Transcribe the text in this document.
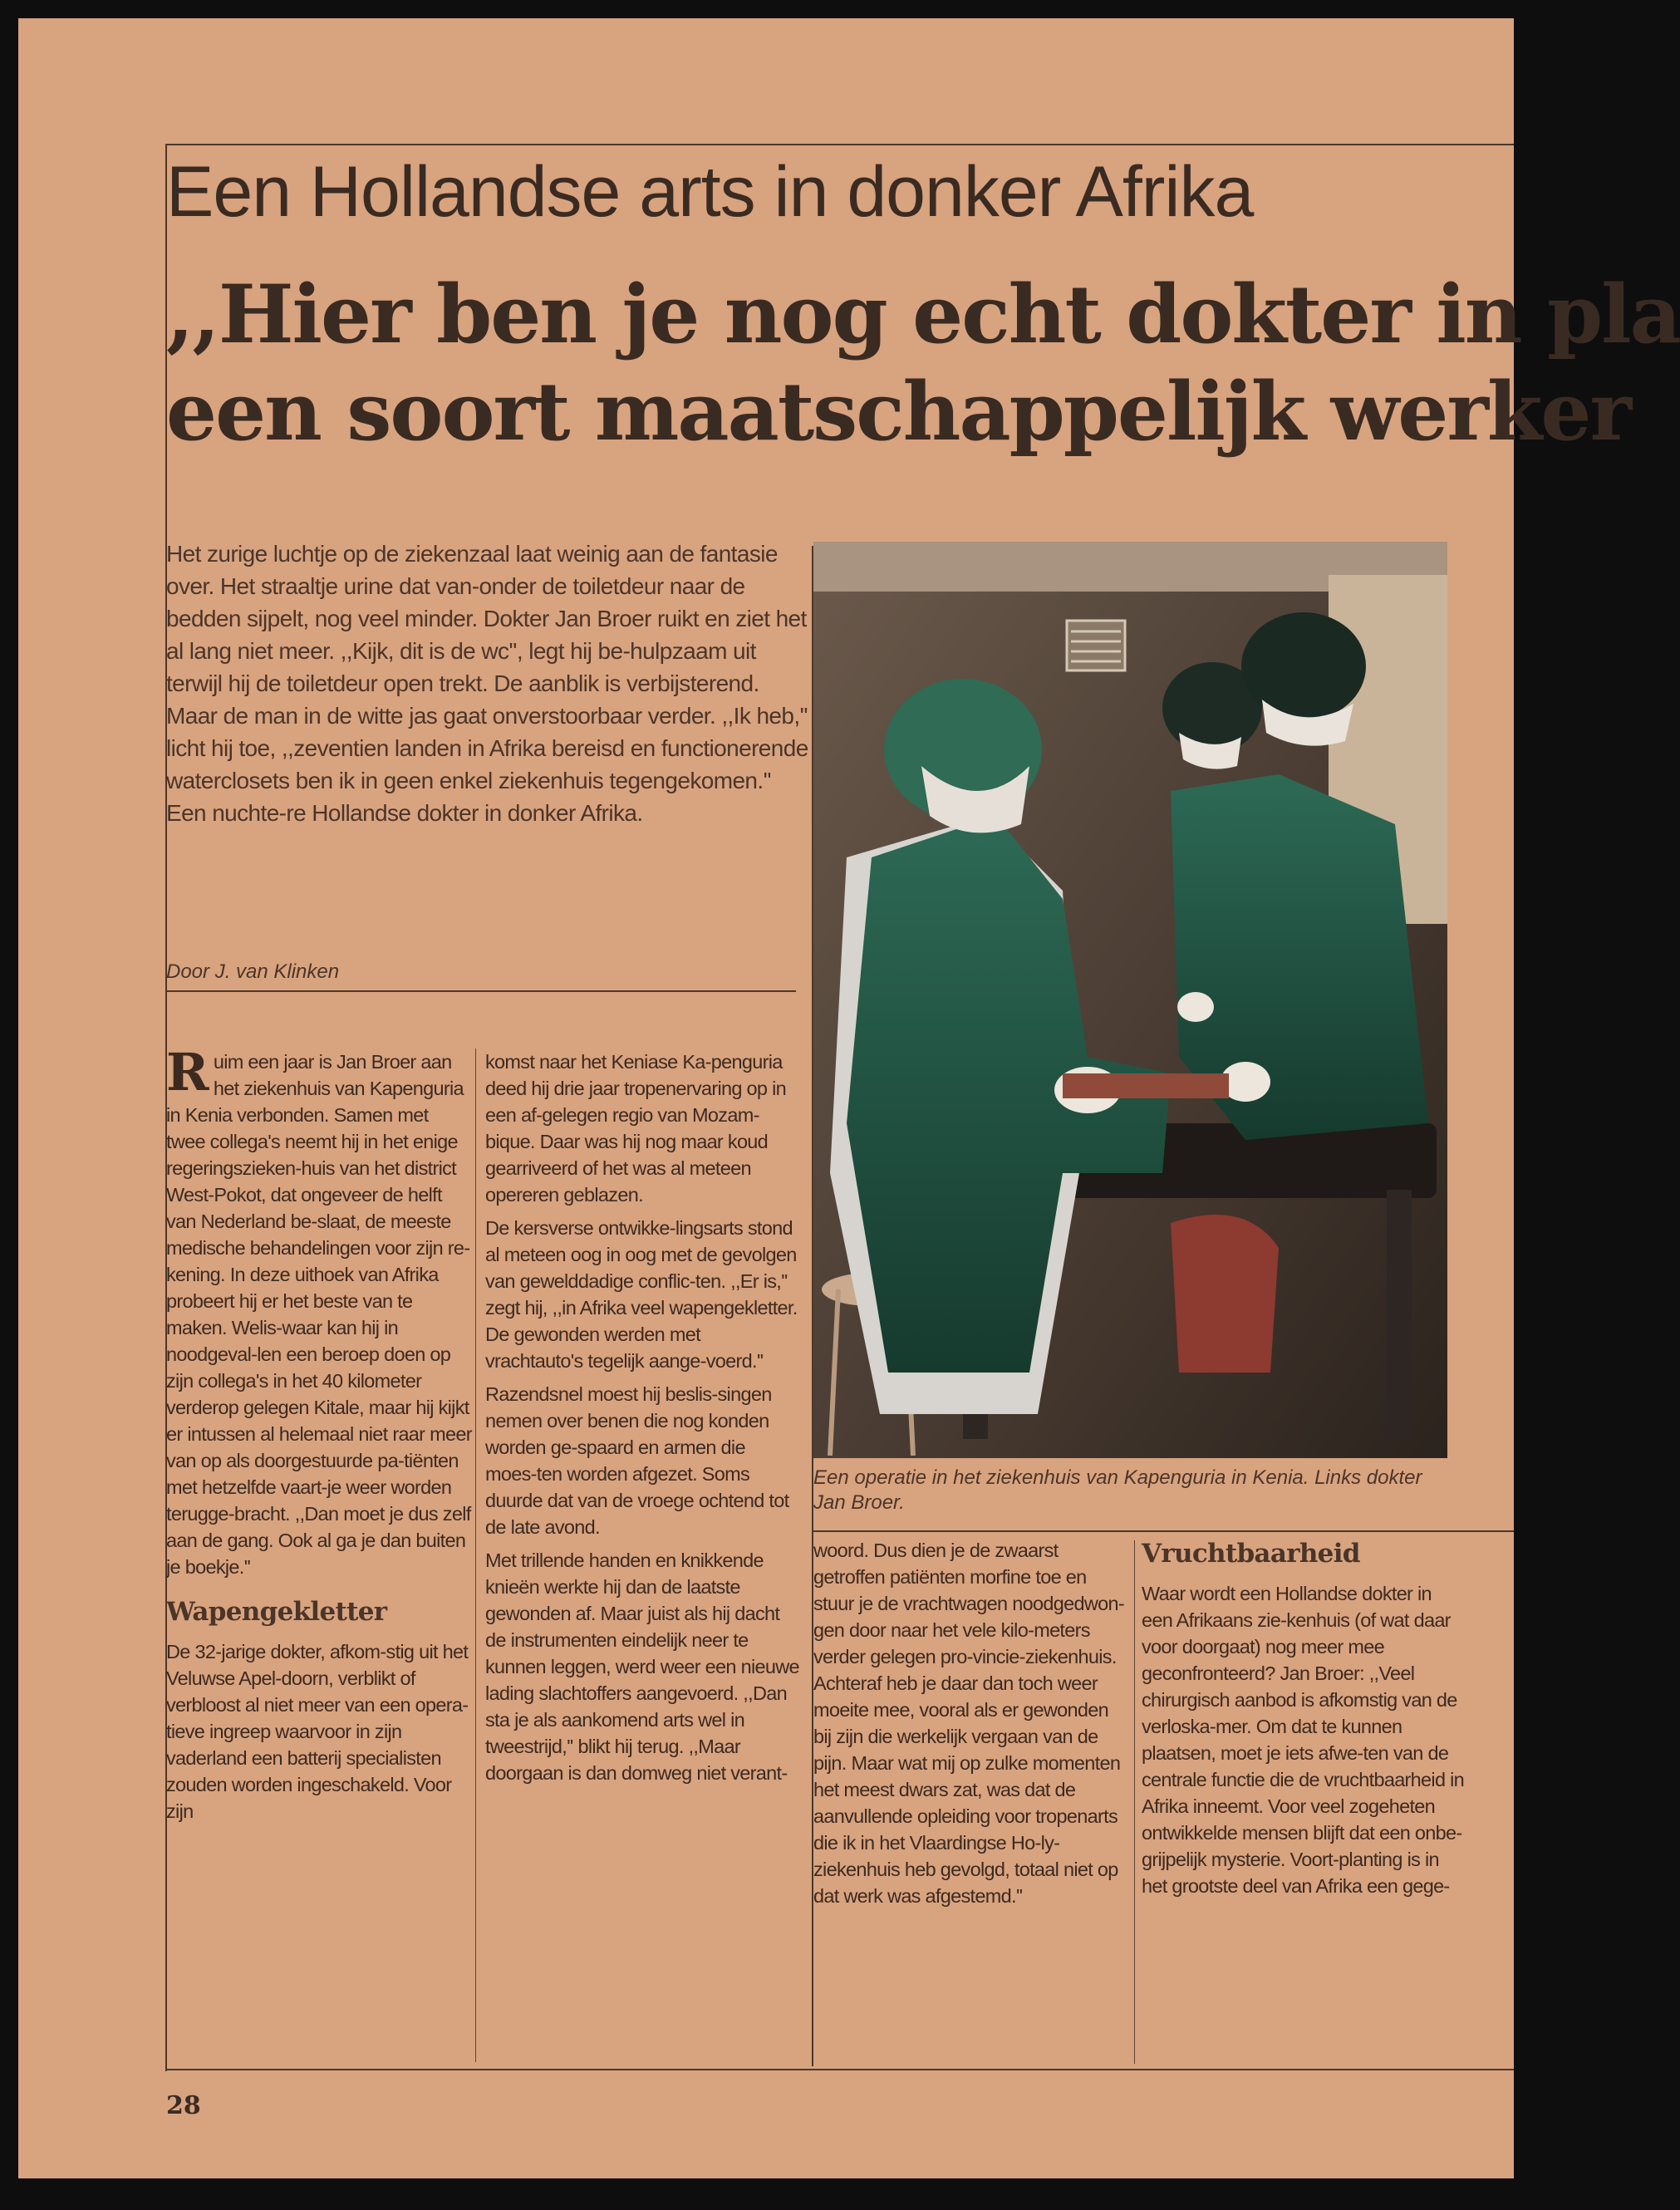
Een Hollandse arts in donker Afrika
,,Hier ben je nog echt dokter in pla
een soort maatschappelijk werker
Het zurige luchtje op de ziekenzaal laat weinig aan de fantasie over. Het straaltje urine dat van-onder de toiletdeur naar de bedden sijpelt, nog veel minder. Dokter Jan Broer ruikt en ziet het al lang niet meer. ,,Kijk, dit is de wc'', legt hij be-hulpzaam uit terwijl hij de toiletdeur open trekt. De aanblik is verbijsterend. Maar de man in de witte jas gaat onverstoorbaar verder. ,,Ik heb,'' licht hij toe, ,,zeventien landen in Afrika bereisd en functionerende waterclosets ben ik in geen enkel ziekenhuis tegengekomen.'' Een nuchte-re Hollandse dokter in donker Afrika.
Door J. van Klinken
Een operatie in het ziekenhuis van Kapenguria in Kenia. Links dokter Jan Broer.

Ruim een jaar is Jan Broer aan het ziekenhuis van Kapenguria in Kenia verbonden. Samen met twee collega's neemt hij in het enige regeringszieken-huis van het district West-Pokot, dat ongeveer de helft van Nederland be-slaat, de meeste medische behandelingen voor zijn re-kening. In deze uithoek van Afrika probeert hij er het beste van te maken. Welis-waar kan hij in noodgeval-len een beroep doen op zijn collega's in het 40 kilometer verderop gelegen Kitale, maar hij kijkt er intussen al helemaal niet raar meer van op als doorgestuurde pa-tiënten met hetzelfde vaart-je weer worden terugge-bracht. ,,Dan moet je dus zelf aan de gang. Ook al ga je dan buiten je boekje.''

Wapengekletter

De 32-jarige dokter, afkom-stig uit het Veluwse Apel-doorn, verblikt of verbloost al niet meer van een opera-tieve ingreep waarvoor in zijn vaderland een batterij specialisten zouden worden ingeschakeld. Voor zijn

komst naar het Keniase Ka-penguria deed hij drie jaar tropenervaring op in een af-gelegen regio van Mozam-bique. Daar was hij nog maar koud gearriveerd of het was al meteen opereren geblazen.

De kersverse ontwikke-lingsarts stond al meteen oog in oog met de gevolgen van gewelddadige conflic-ten. ,,Er is,'' zegt hij, ,,in Afrika veel wapengekletter. De gewonden werden met vrachtauto's tegelijk aange-voerd.''

Razendsnel moest hij beslis-singen nemen over benen die nog konden worden ge-spaard en armen die moes-ten worden afgezet. Soms duurde dat van de vroege ochtend tot de late avond.

Met trillende handen en knikkende knieën werkte hij dan de laatste gewonden af. Maar juist als hij dacht de instrumenten eindelijk neer te kunnen leggen, werd weer een nieuwe lading slachtoffers aangevoerd. ,,Dan sta je als aankomend arts wel in tweestrijd,'' blikt hij terug. ,,Maar doorgaan is dan domweg niet verant-

woord. Dus dien je de zwaarst getroffen patiënten morfine toe en stuur je de vrachtwagen noodgedwon-gen door naar het vele kilo-meters verder gelegen pro-vincie-ziekenhuis. Achteraf heb je daar dan toch weer moeite mee, vooral als er gewonden bij zijn die werkelijk vergaan van de pijn. Maar wat mij op zulke momenten het meest dwars zat, was dat de aanvullende opleiding voor tropenarts die ik in het Vlaardingse Ho-ly-ziekenhuis heb gevolgd, totaal niet op dat werk was afgestemd.''

Vruchtbaarheid

Waar wordt een Hollandse dokter in een Afrikaans zie-kenhuis (of wat daar voor doorgaat) nog meer mee geconfronteerd? Jan Broer: ,,Veel chirurgisch aanbod is afkomstig van de verloska-mer. Om dat te kunnen plaatsen, moet je iets afwe-ten van de centrale functie die de vruchtbaarheid in Afrika inneemt. Voor veel zogeheten ontwikkelde mensen blijft dat een onbe-grijpelijk mysterie. Voort-planting is in het grootste deel van Afrika een gege-

28
